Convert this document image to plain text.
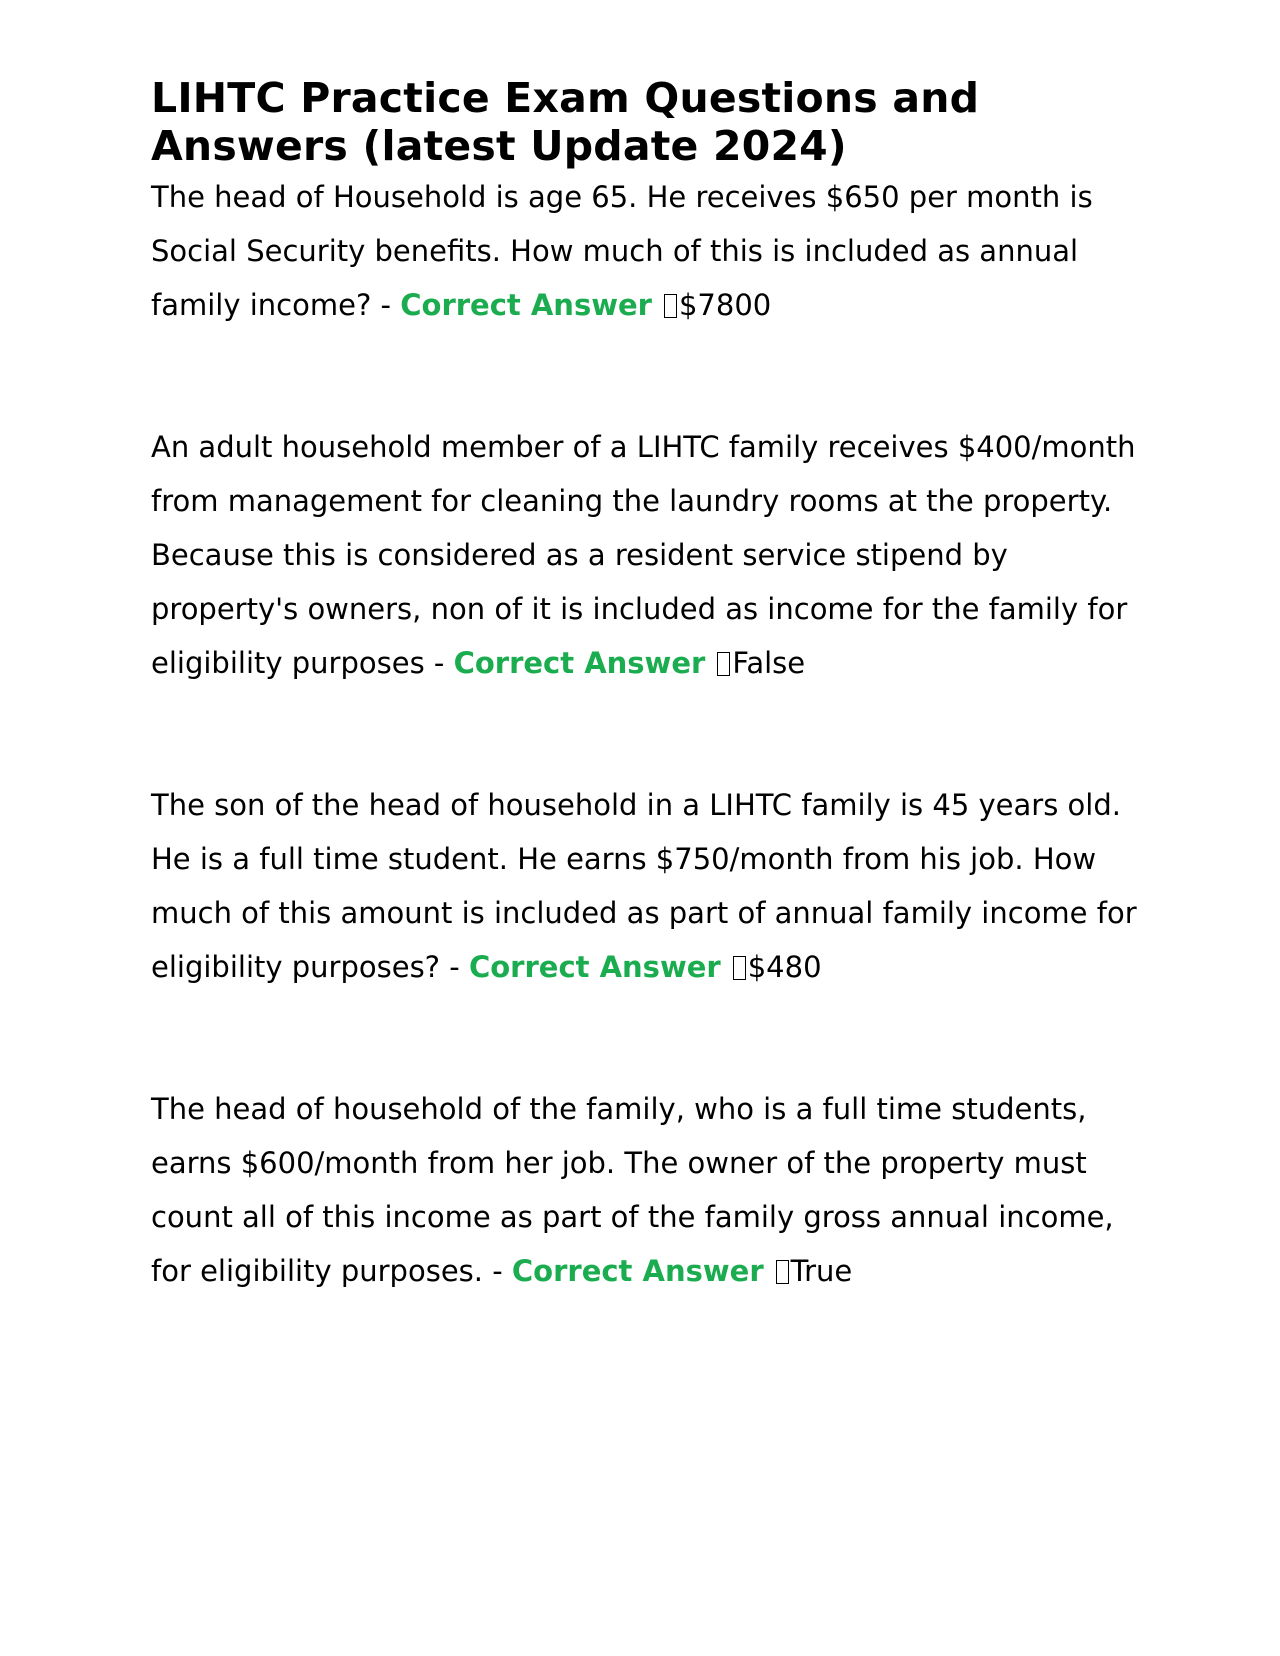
LIHTC Practice Exam Questions and Answers (latest Update 2024)

The head of Household is age 65. He receives $650 per month is Social Security benefits. How much of this is included as annual family income? - Correct Answer $7800

An adult household member of a LIHTC family receives $400/month from management for cleaning the laundry rooms at the property. Because this is considered as a resident service stipend by property's owners, non of it is included as income for the family for eligibility purposes - Correct Answer False

The son of the head of household in a LIHTC family is 45 years old. He is a full time student. He earns $750/month from his job. How much of this amount is included as part of annual family income for eligibility purposes? - Correct Answer $480

The head of household of the family, who is a full time students, earns $600/month from her job. The owner of the property must count all of this income as part of the family gross annual income, for eligibility purposes. - Correct Answer True
